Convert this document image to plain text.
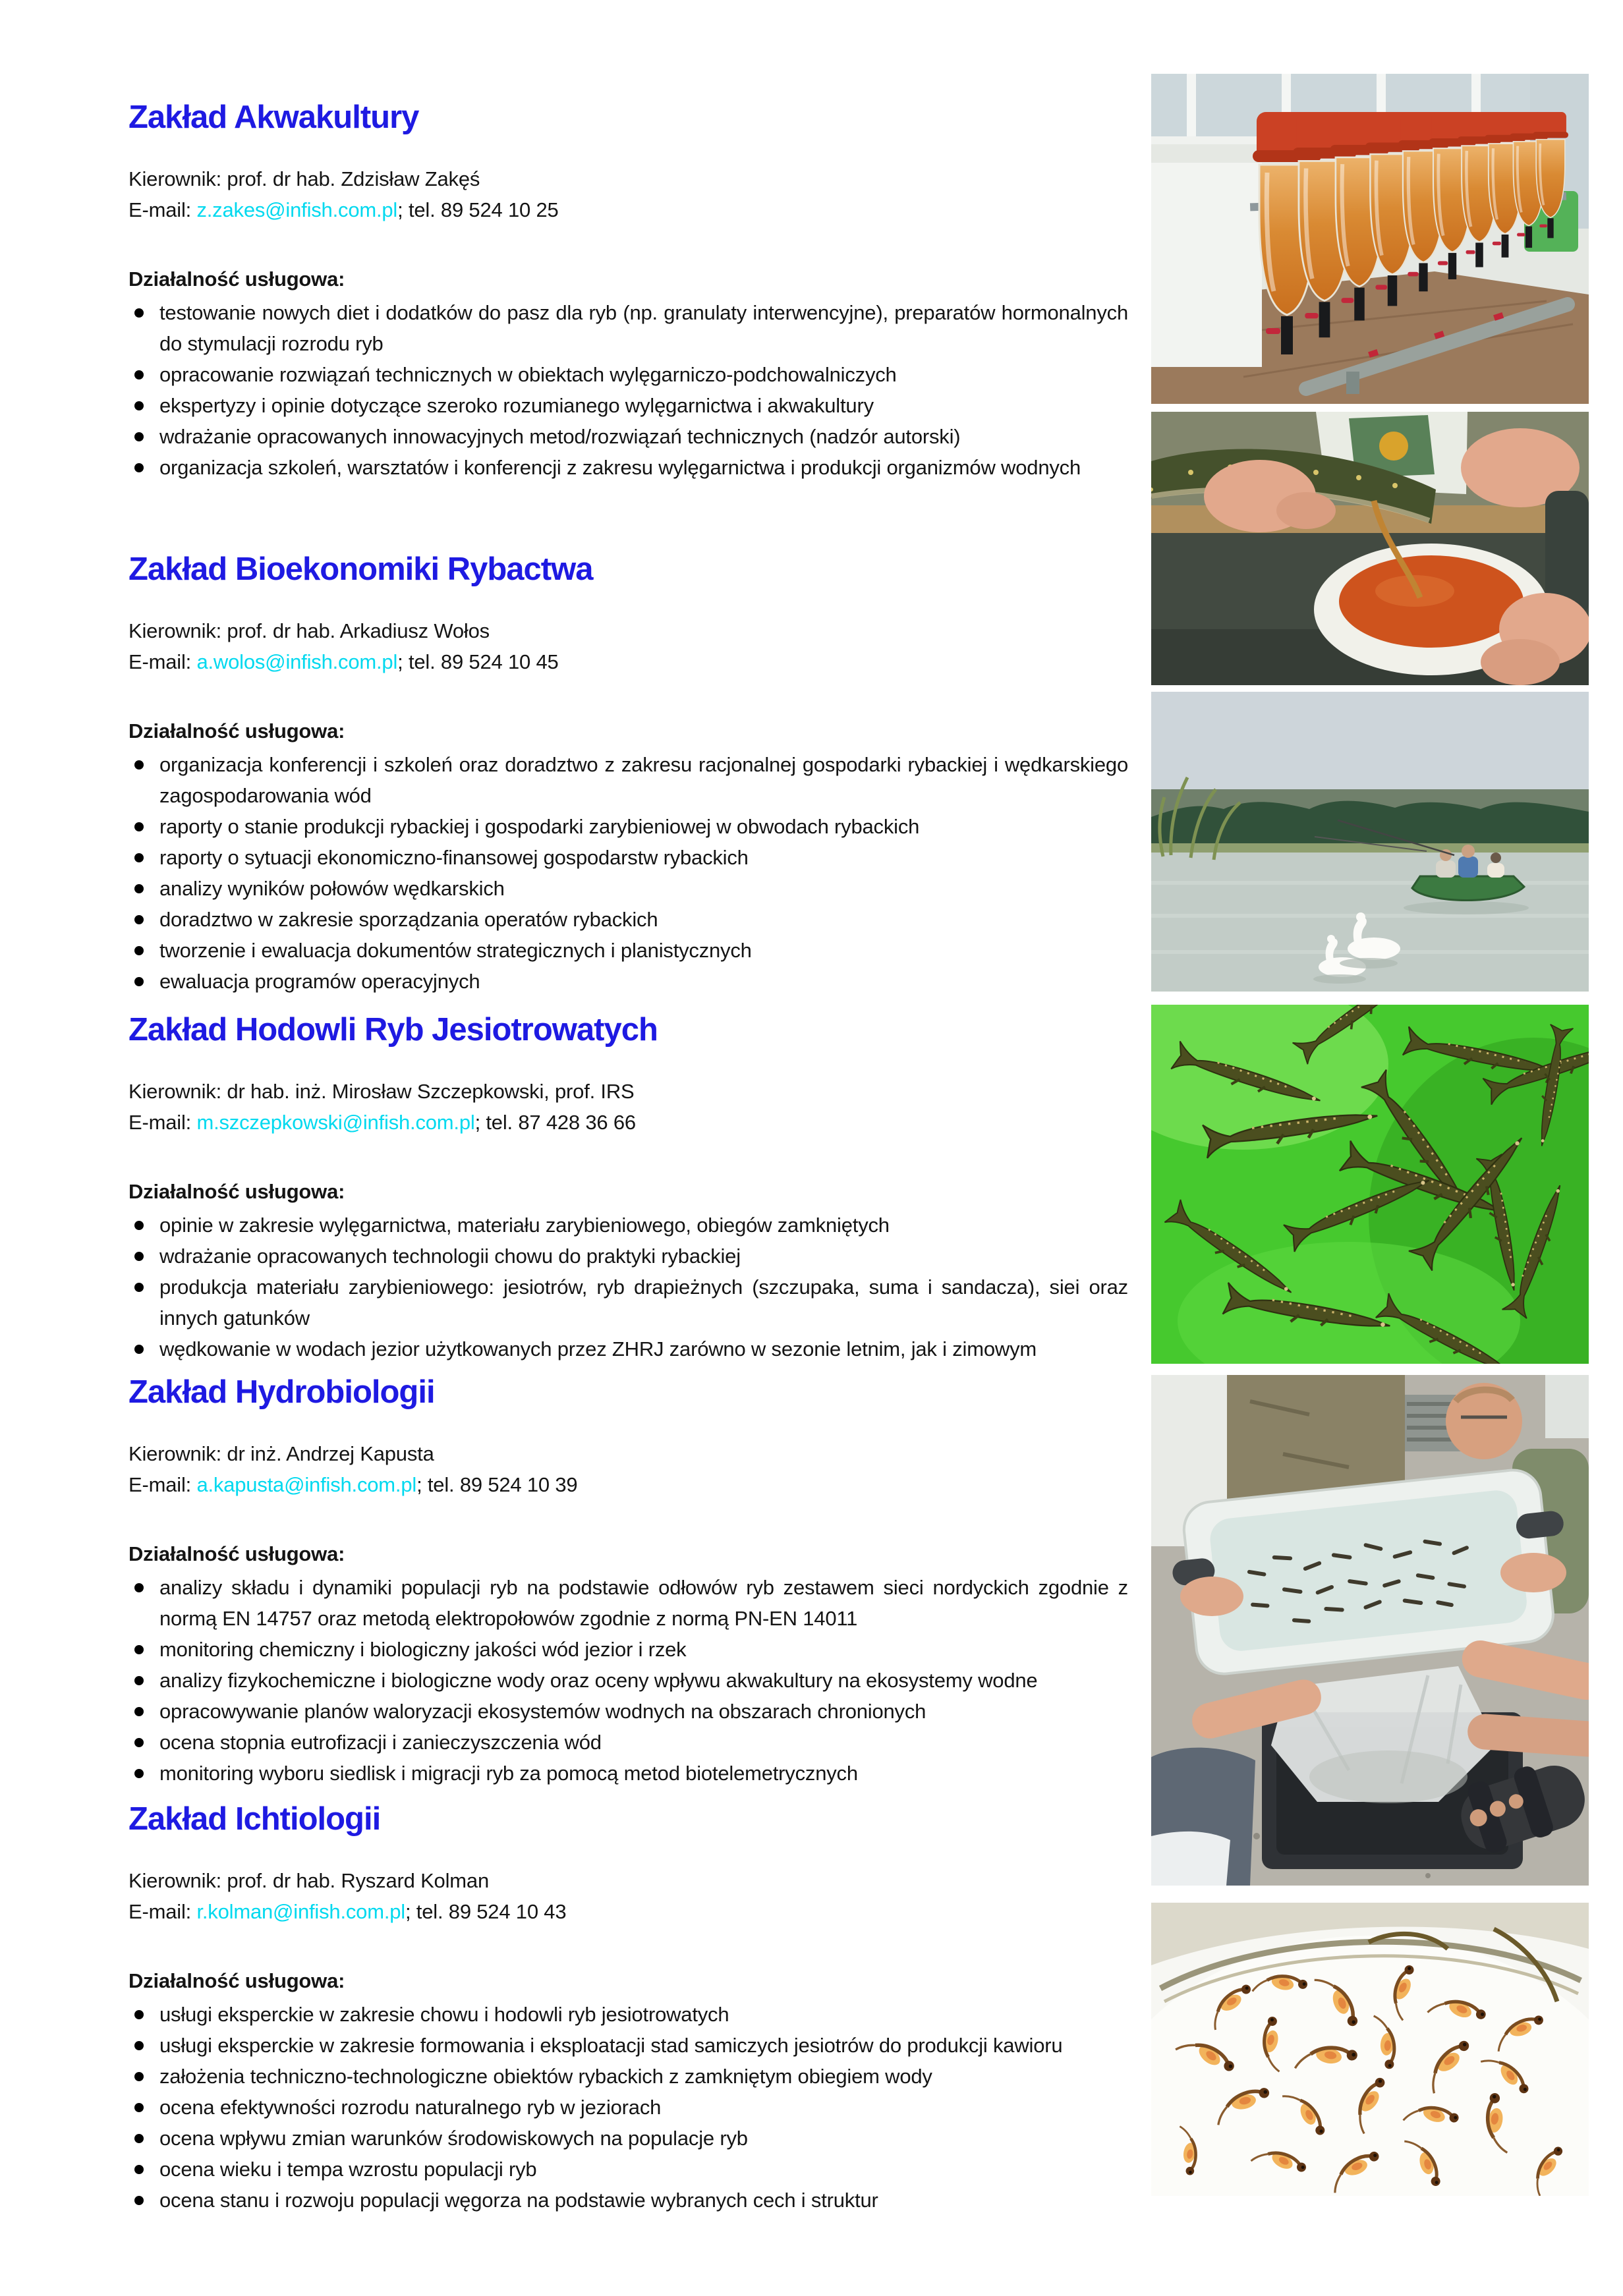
Zakład Akwakultury

Kierownik: prof. dr hab. Zdzisław Zakęś

E-mail: z.zakes@infish.com.pl; tel. 89 524 10 25

Działalność usługowa:

testowanie nowych diet i dodatków do pasz dla ryb (np. granulaty interwencyjne), preparatów hormonalnych do stymulacji rozrodu ryb
opracowanie rozwiązań technicznych w obiektach wylęgarniczo-podchowalniczych
ekspertyzy i opinie dotyczące szeroko rozumianego wylęgarnictwa i akwakultury
wdrażanie opracowanych innowacyjnych metod/rozwiązań technicznych (nadzór autorski)
organizacja szkoleń, warsztatów i konferencji z zakresu wylęgarnictwa i produkcji organizmów wodnych
Zakład Bioekonomiki Rybactwa

Kierownik: prof. dr hab. Arkadiusz Wołos

E-mail: a.wolos@infish.com.pl; tel. 89 524 10 45

Działalność usługowa:

organizacja konferencji i szkoleń oraz doradztwo z zakresu racjonalnej gospodarki rybackiej i wędkarskiego zagospodarowania wód
raporty o stanie produkcji rybackiej i gospodarki zarybieniowej w obwodach rybackich
raporty o sytuacji ekonomiczno-finansowej gospodarstw rybackich
analizy wyników połowów wędkarskich
doradztwo w zakresie sporządzania operatów rybackich
tworzenie i ewaluacja dokumentów strategicznych i planistycznych
ewaluacja programów operacyjnych
Zakład Hodowli Ryb Jesiotrowatych

Kierownik: dr hab. inż. Mirosław Szczepkowski, prof. IRS

E-mail: m.szczepkowski@infish.com.pl; tel. 87 428 36 66

Działalność usługowa:

opinie w zakresie wylęgarnictwa, materiału zarybieniowego, obiegów zamkniętych
wdrażanie opracowanych technologii chowu do praktyki rybackiej
produkcja materiału zarybieniowego: jesiotrów, ryb drapieżnych (szczupaka, suma i sandacza), siei oraz innych gatunków
wędkowanie w wodach jezior użytkowanych przez ZHRJ zarówno w sezonie letnim, jak i zimowym
Zakład Hydrobiologii

Kierownik: dr inż. Andrzej Kapusta

E-mail: a.kapusta@infish.com.pl; tel. 89 524 10 39

Działalność usługowa:

analizy składu i dynamiki populacji ryb na podstawie odłowów ryb zestawem sieci nordyckich zgodnie z normą EN 14757 oraz metodą elektropołowów zgodnie z normą PN-EN 14011
monitoring chemiczny i biologiczny jakości wód jezior i rzek
analizy fizykochemiczne i biologiczne wody oraz oceny wpływu akwakultury na ekosystemy wodne
opracowywanie planów waloryzacji ekosystemów wodnych na obszarach chronionych
ocena stopnia eutrofizacji i zanieczyszczenia wód
monitoring wyboru siedlisk i migracji ryb za pomocą metod biotelemetrycznych
Zakład Ichtiologii

Kierownik: prof. dr hab. Ryszard Kolman

E-mail: r.kolman@infish.com.pl; tel. 89 524 10 43

Działalność usługowa:

usługi eksperckie w zakresie chowu i hodowli ryb jesiotrowatych
usługi eksperckie w zakresie formowania i eksploatacji stad samiczych jesiotrów do produkcji kawioru
założenia techniczno-technologiczne obiektów rybackich z zamkniętym obiegiem wody
ocena efektywności rozrodu naturalnego ryb w jeziorach
ocena wpływu zmian warunków środowiskowych na populacje ryb
ocena wieku i tempa wzrostu populacji ryb
ocena stanu i rozwoju populacji węgorza na podstawie wybranych cech i struktur
